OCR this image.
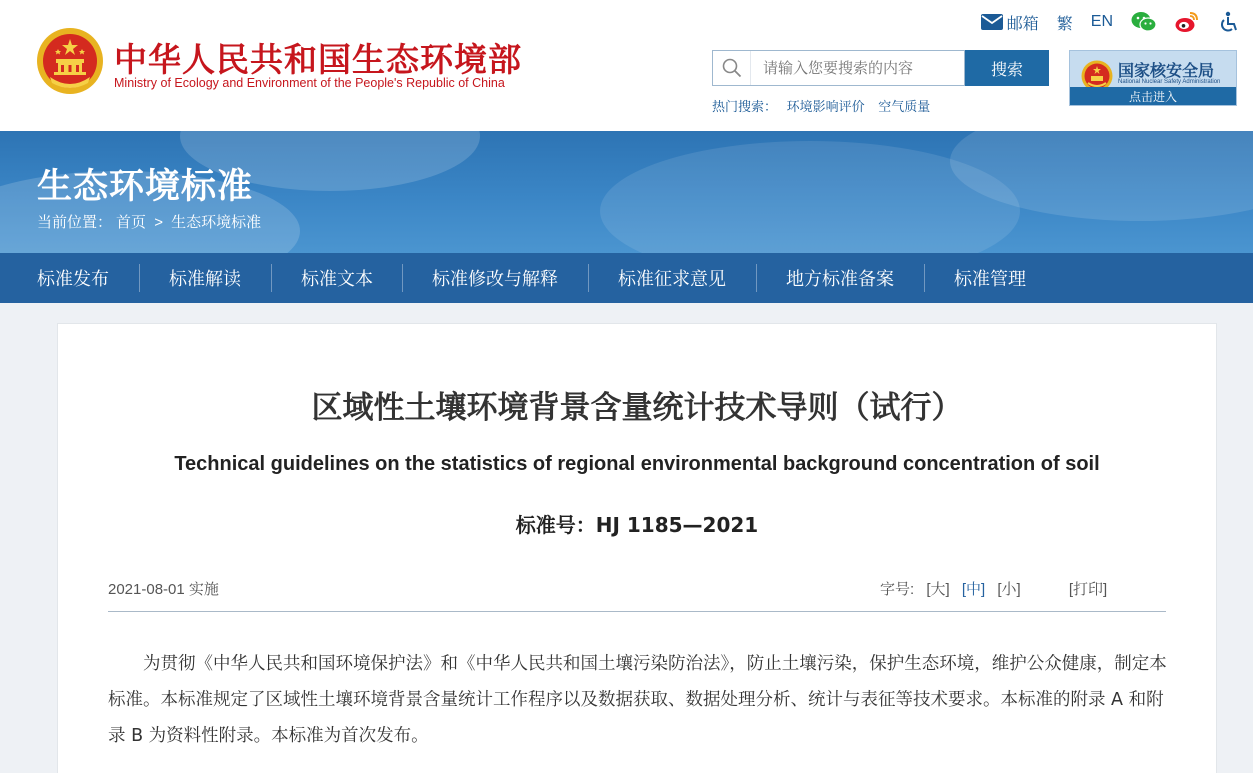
中华人民共和国生态环境部
Ministry of Ecology and Environment of the People's Republic of China
邮箱 繁 EN
请输入您要搜索的内容
搜索
热门搜索： 环境影响评价 空气质量
国家核安全局
National Nuclear Safety Administration
点击进入
生态环境标准
当前位置： 首页 > 生态环境标准
标准发布	标准解读	标准文本	标准修改与解释	标准征求意见	地方标准备案	标准管理
区域性土壤环境背景含量统计技术导则（试行）
Technical guidelines on the statistics of regional environmental background concentration of soil
标准号：HJ 1185—2021
2021-08-01 实施	字号: [大] [中] [小]	[打印]
为贯彻《中华人民共和国环境保护法》和《中华人民共和国土壤污染防治法》，防止土壤污染，保护生态环境，维护公众健康，制定本标准。本标准规定了区域性土壤环境背景含量统计工作程序以及数据获取、数据处理分析、统计与表征等技术要求。本标准的附录 A 和附录 B 为资料性附录。本标准为首次发布。
